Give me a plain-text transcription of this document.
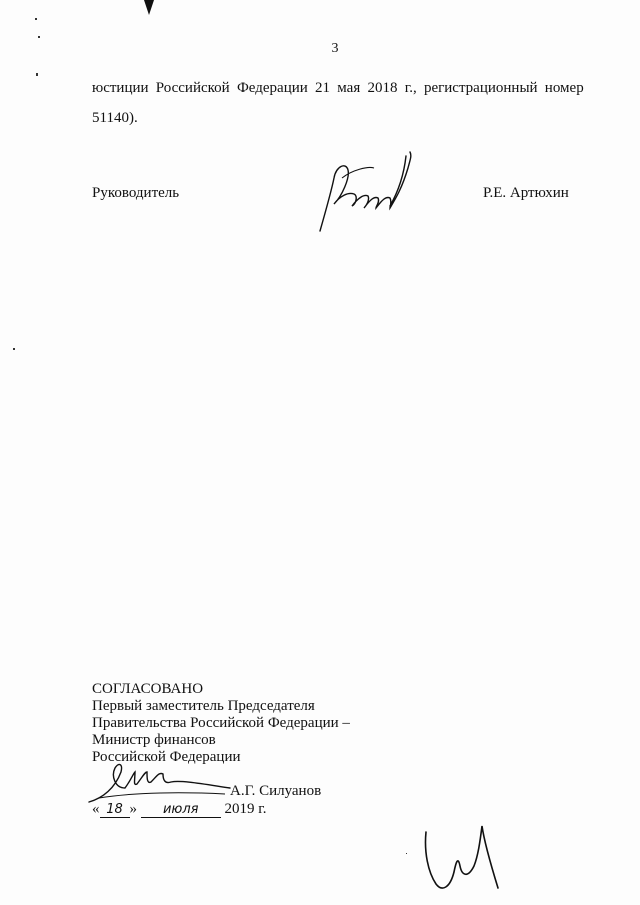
3
юстиции Российской Федерации 21 мая 2018 г., регистрационный номер
51140).
Руководитель	Р.Е. Артюхин
СОГЛАСОВАНО
Первый заместитель Председателя
Правительства Российской Федерации –
Министр финансов
Российской Федерации
А.Г. Силуанов
« 18 » июля 2019 г.
